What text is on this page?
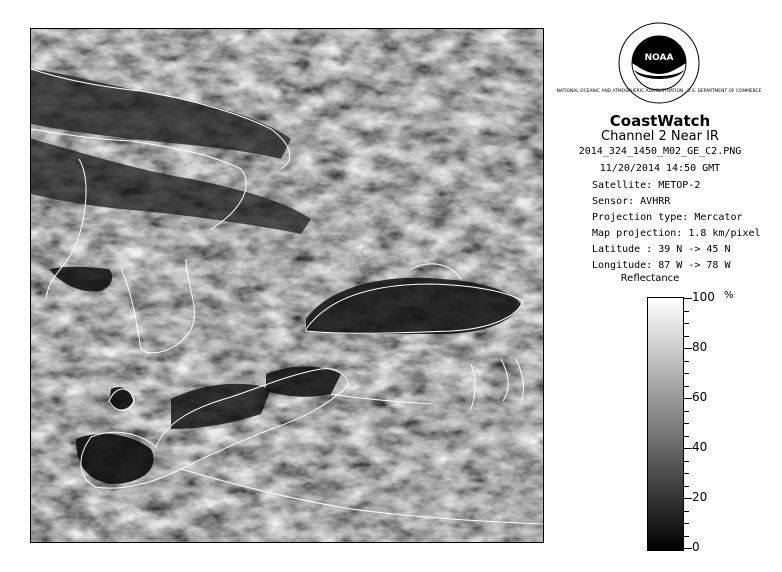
NATIONAL OCEANIC AND ATMOSPHERIC ADMINISTRATION · U.S. DEPARTMENT OF COMMERCE
NOAA
CoastWatch
Channel 2 Near IR
2014_324_1450_M02_GE_C2.PNG
11/20/2014 14:50 GMT
Satellite: METOP-2
Sensor: AVHRR
Projection type: Mercator
Map projection: 1.8 km/pixel
Latitude : 39 N -> 45 N
Longitude: 87 W -> 78 W
Reflectance
%
100
80
60
40
20
0
